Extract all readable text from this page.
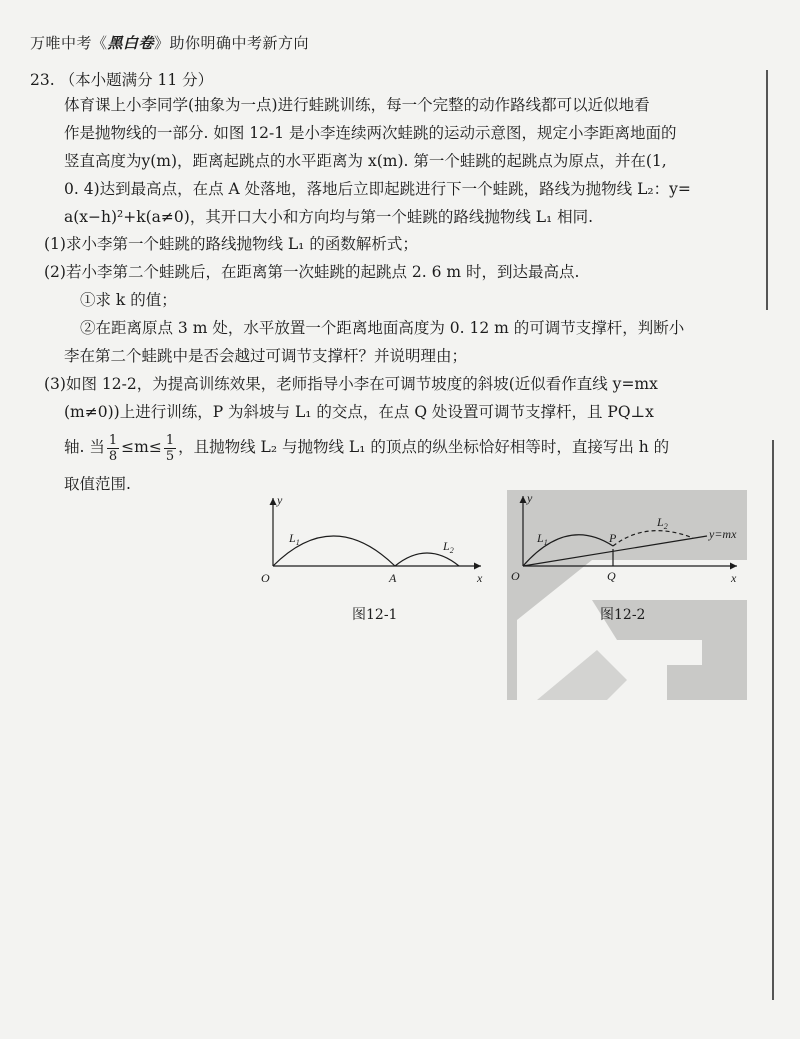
万唯中考《黑白卷》助你明确中考新方向
23. （本小题满分 11 分）
体育课上小李同学(抽象为一点)进行蛙跳训练，每一个完整的动作路线都可以近似地看
作是抛物线的一部分. 如图 12-1 是小李连续两次蛙跳的运动示意图，规定小李距离地面的
竖直高度为y(m)，距离起跳点的水平距离为 x(m). 第一个蛙跳的起跳点为原点，并在(1,
0. 4)达到最高点，在点 A 处落地，落地后立即起跳进行下一个蛙跳，路线为抛物线 L₂：y=
a(x−h)²+k(a≠0)，其开口大小和方向均与第一个蛙跳的路线抛物线 L₁ 相同.
(1)求小李第一个蛙跳的路线抛物线 L₁ 的函数解析式；
(2)若小李第二个蛙跳后，在距离第一次蛙跳的起跳点 2. 6 m 时，到达最高点.
①求 k 的值；
②在距离原点 3 m 处，水平放置一个距离地面高度为 0. 12 m 的可调节支撑杆，判断小
李在第二个蛙跳中是否会越过可调节支撑杆？并说明理由；
(3)如图 12-2，为提高训练效果，老师指导小李在可调节坡度的斜坡(近似看作直线 y=mx
(m≠0))上进行训练，P 为斜坡与 L₁ 的交点，在点 Q 处设置可调节支撑杆，且 PQ⊥x
轴. 当 $\frac{1}{8} \le m\le \frac{1}{5}$ ，且抛物线 L₂ 与抛物线 L₁ 的顶点的纵坐标恰好相等时，直接写出 h 的
取值范围.
y
x
O	A
$L_1$	$L_2$
图12-1
y
x
O	Q
P
$L_1$
$L_2$
y=mx
图12-2
